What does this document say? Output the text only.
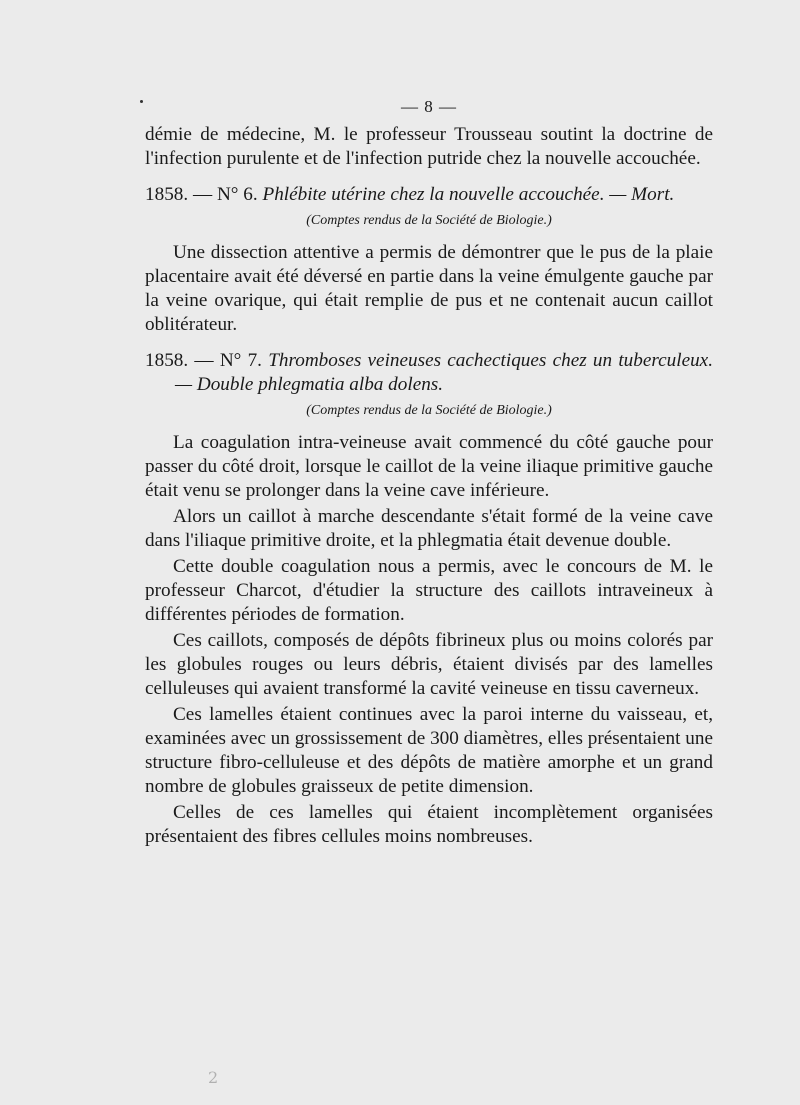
— 8 —

démie de médecine, M. le professeur Trousseau soutint la doctrine de l'infection purulente et de l'infection putride chez la nouvelle accouchée.

1858. — N° 6. Phlébite utérine chez la nouvelle accouchée. — Mort.

(Comptes rendus de la Société de Biologie.)

Une dissection attentive a permis de démontrer que le pus de la plaie placentaire avait été déversé en partie dans la veine émulgente gauche par la veine ovarique, qui était remplie de pus et ne contenait aucun caillot oblitérateur.

1858. — N° 7. Thromboses veineuses cachectiques chez un tuberculeux. — Double phlegmatia alba dolens.

(Comptes rendus de la Société de Biologie.)

La coagulation intra-veineuse avait commencé du côté gauche pour passer du côté droit, lorsque le caillot de la veine iliaque primitive gauche était venu se prolonger dans la veine cave inférieure.

Alors un caillot à marche descendante s'était formé de la veine cave dans l'iliaque primitive droite, et la phlegmatia était devenue double.

Cette double coagulation nous a permis, avec le concours de M. le professeur Charcot, d'étudier la structure des caillots intraveineux à différentes périodes de formation.

Ces caillots, composés de dépôts fibrineux plus ou moins colorés par les globules rouges ou leurs débris, étaient divisés par des lamelles celluleuses qui avaient transformé la cavité veineuse en tissu caverneux.

Ces lamelles étaient continues avec la paroi interne du vaisseau, et, examinées avec un grossissement de 300 diamètres, elles présentaient une structure fibro-celluleuse et des dépôts de matière amorphe et un grand nombre de globules graisseux de petite dimension.

Celles de ces lamelles qui étaient incomplètement organisées présentaient des fibres cellules moins nombreuses.

2
